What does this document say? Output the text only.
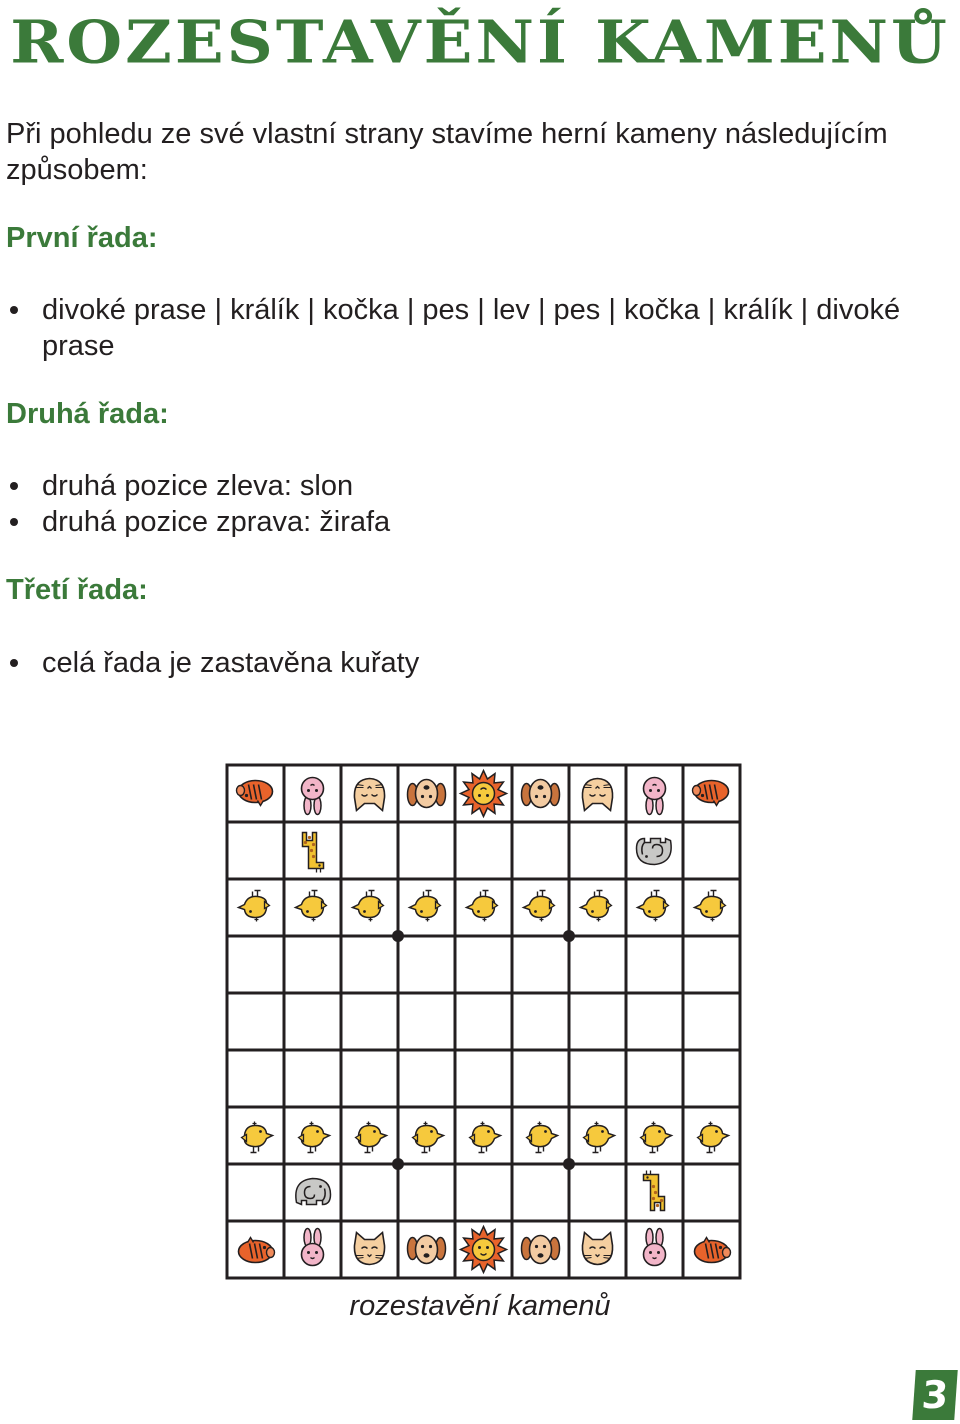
ROZESTAVĚNÍ KAMENŮ

Při pohledu ze své vlastní strany stavíme herní kameny následujícím způsobem:

První řada:
divoké prase | králík | kočka | pes | lev | pes | kočka | králík | divoké prase
Druhá řada:
druhá pozice zleva: slon
druhá pozice zprava: žirafa
Třetí řada:
celá řada je zastavěna kuřaty
rozestavění kamenů
3
